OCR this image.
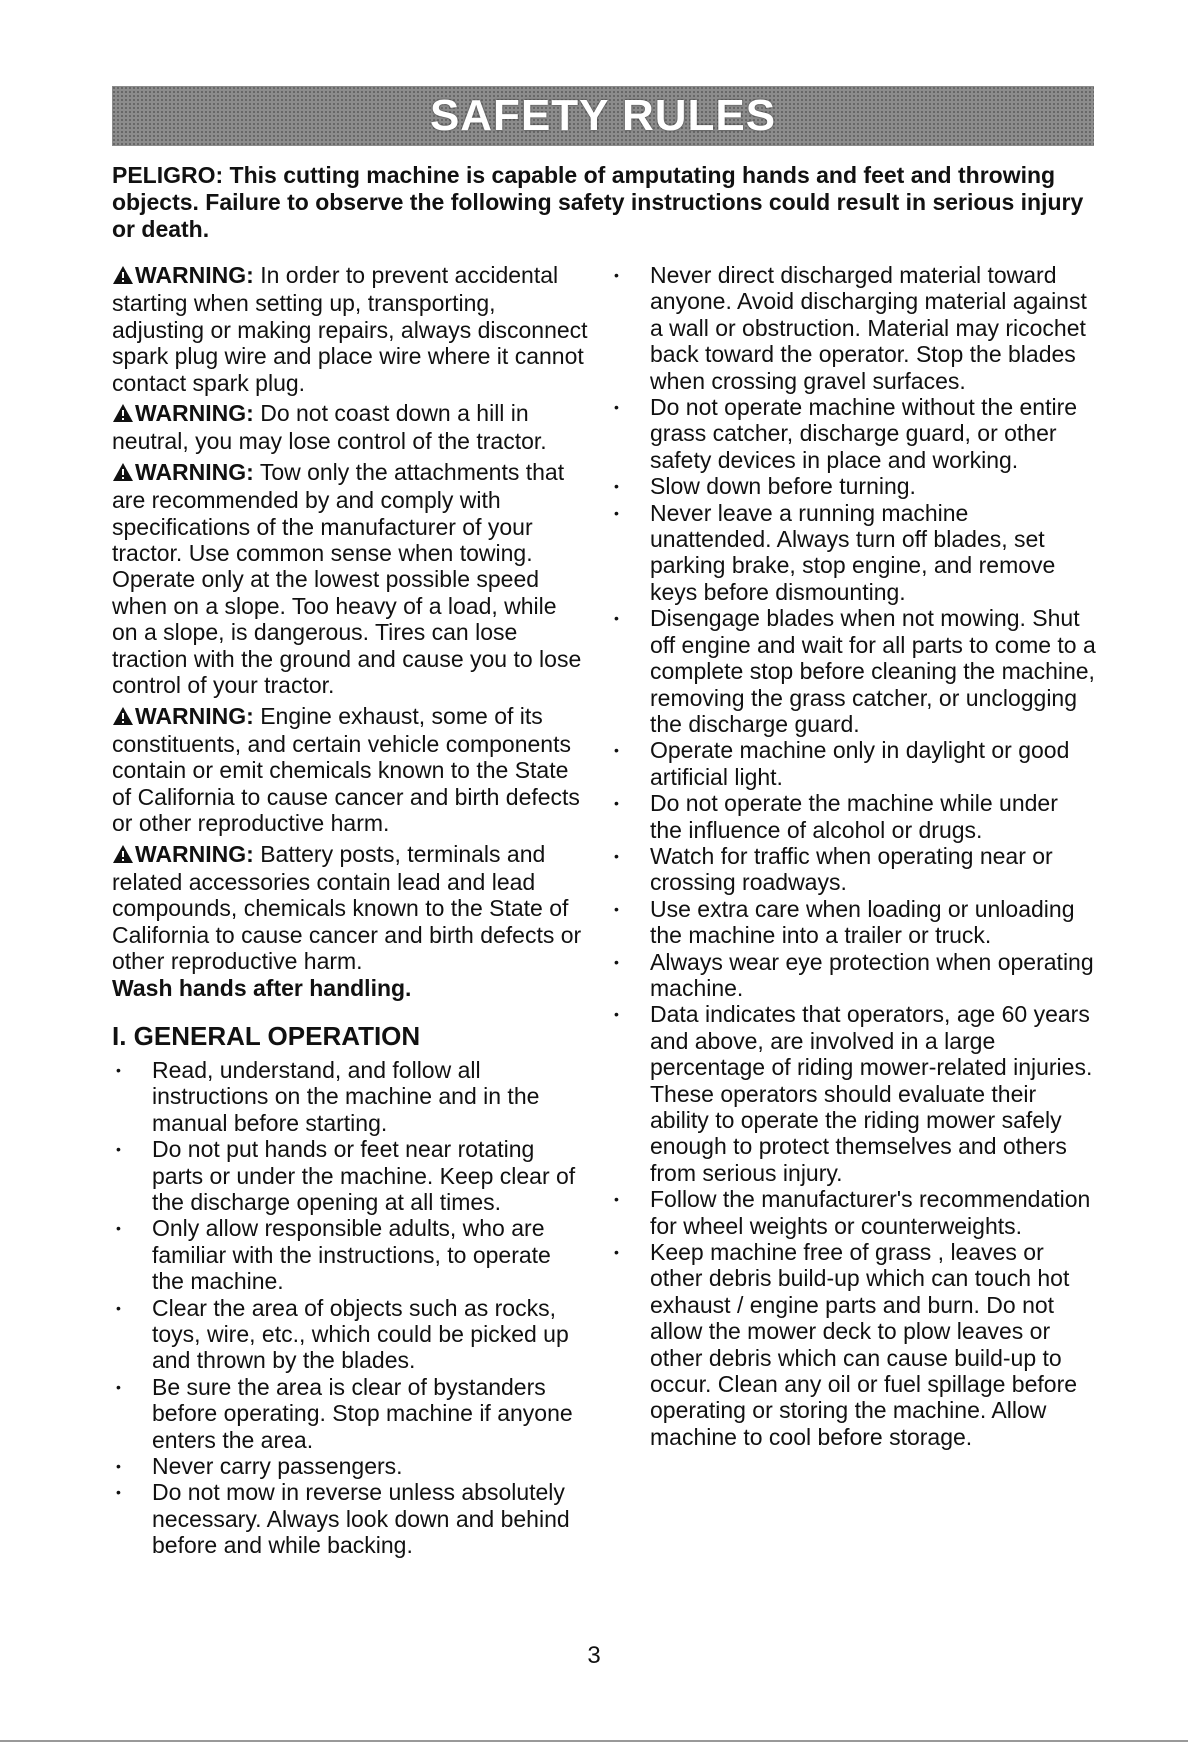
SAFETY RULES
PELIGRO: This cutting machine is capable of amputating hands and feet and throwing objects. Failure to observe the following safety instructions could result in serious injury or death.

WARNING: In order to prevent accidental starting when setting up, transporting, adjusting or making repairs, always disconnect spark plug wire and place wire where it cannot contact spark plug.

WARNING: Do not coast down a hill in neutral, you may lose control of the tractor.

WARNING: Tow only the attachments that are recommended by and comply with specifications of the manufacturer of your tractor. Use common sense when towing. Operate only at the lowest possible speed when on a slope. Too heavy of a load, while on a slope, is dangerous. Tires can lose traction with the ground and cause you to lose control of your tractor.

WARNING: Engine exhaust, some of its constituents, and certain vehicle components contain or emit chemicals known to the State of California to cause cancer and birth defects or other reproductive harm.

WARNING: Battery posts, terminals and related accessories contain lead and lead compounds, chemicals known to the State of California to cause cancer and birth defects or other reproductive harm.
Wash hands after handling.

I. GENERAL OPERATION
• Read, understand, and follow all instructions on the machine and in the manual before starting.
• Do not put hands or feet near rotating parts or under the machine. Keep clear of the discharge opening at all times.
• Only allow responsible adults, who are familiar with the instructions, to operate the machine.
• Clear the area of objects such as rocks, toys, wire, etc., which could be picked up and thrown by the blades.
• Be sure the area is clear of bystanders before operating. Stop machine if anyone enters the area.
• Never carry passengers.
• Do not mow in reverse unless absolutely necessary. Always look down and behind before and while backing.
• Never direct discharged material toward anyone. Avoid discharging material against a wall or obstruction. Material may ricochet back toward the operator. Stop the blades when crossing gravel surfaces.
• Do not operate machine without the entire grass catcher, discharge guard, or other safety devices in place and working.
• Slow down before turning.
• Never leave a running machine unattended. Always turn off blades, set parking brake, stop engine, and remove keys before dismounting.
• Disengage blades when not mowing. Shut off engine and wait for all parts to come to a complete stop before cleaning the machine, removing the grass catcher, or unclogging the discharge guard.
• Operate machine only in daylight or good artificial light.
• Do not operate the machine while under the influence of alcohol or drugs.
• Watch for traffic when operating near or crossing roadways.
• Use extra care when loading or unloading the machine into a trailer or truck.
• Always wear eye protection when operating machine.
• Data indicates that operators, age 60 years and above, are involved in a large percentage of riding mower-related injuries. These operators should evaluate their ability to operate the riding mower safely enough to protect themselves and others from serious injury.
• Follow the manufacturer's recommendation for wheel weights or counterweights.
• Keep machine free of grass , leaves or other debris build-up which can touch hot exhaust / engine parts and burn. Do not allow the mower deck to plow leaves or other debris which can cause build-up to occur. Clean any oil or fuel spillage before operating or storing the machine. Allow machine to cool before storage.
3
